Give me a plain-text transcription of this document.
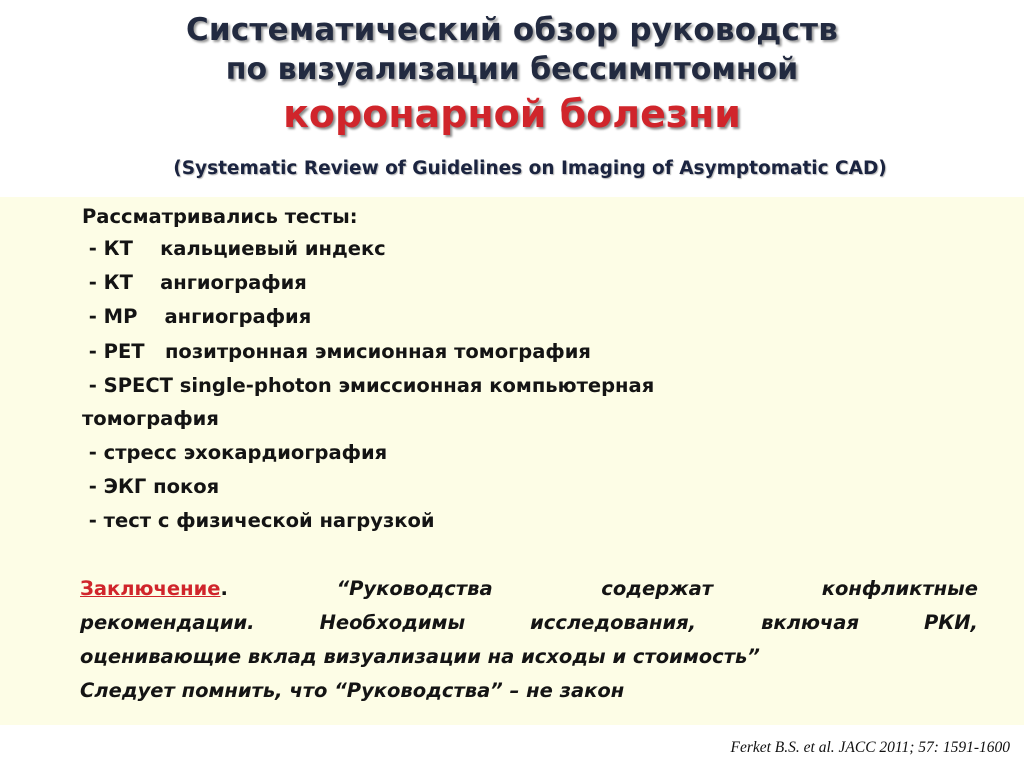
Систематический обзор руководств
по визуализации бессимптомной
коронарной болезни
(Systematic Review of Guidelines on Imaging of Asymptomatic CAD)
Рассматривались тесты:
- КТ    кальциевый индекс
- КТ    ангиография
- МР    ангиография
- PET   позитронная эмисионная томография
- SPECT single-photon эмиссионная компьютерная
томография
- стресс эхокардиография
- ЭКГ покоя
- тест с физической нагрузкой
Заключение.	“Руководства	содержат	конфликтные
рекомендации.	Необходимы	исследования,	включая	РКИ,
оценивающие вклад визуализации на исходы и стоимость”
Следует помнить, что “Руководства” – не закон
Ferket B.S. et al. JACC 2011; 57: 1591-1600
